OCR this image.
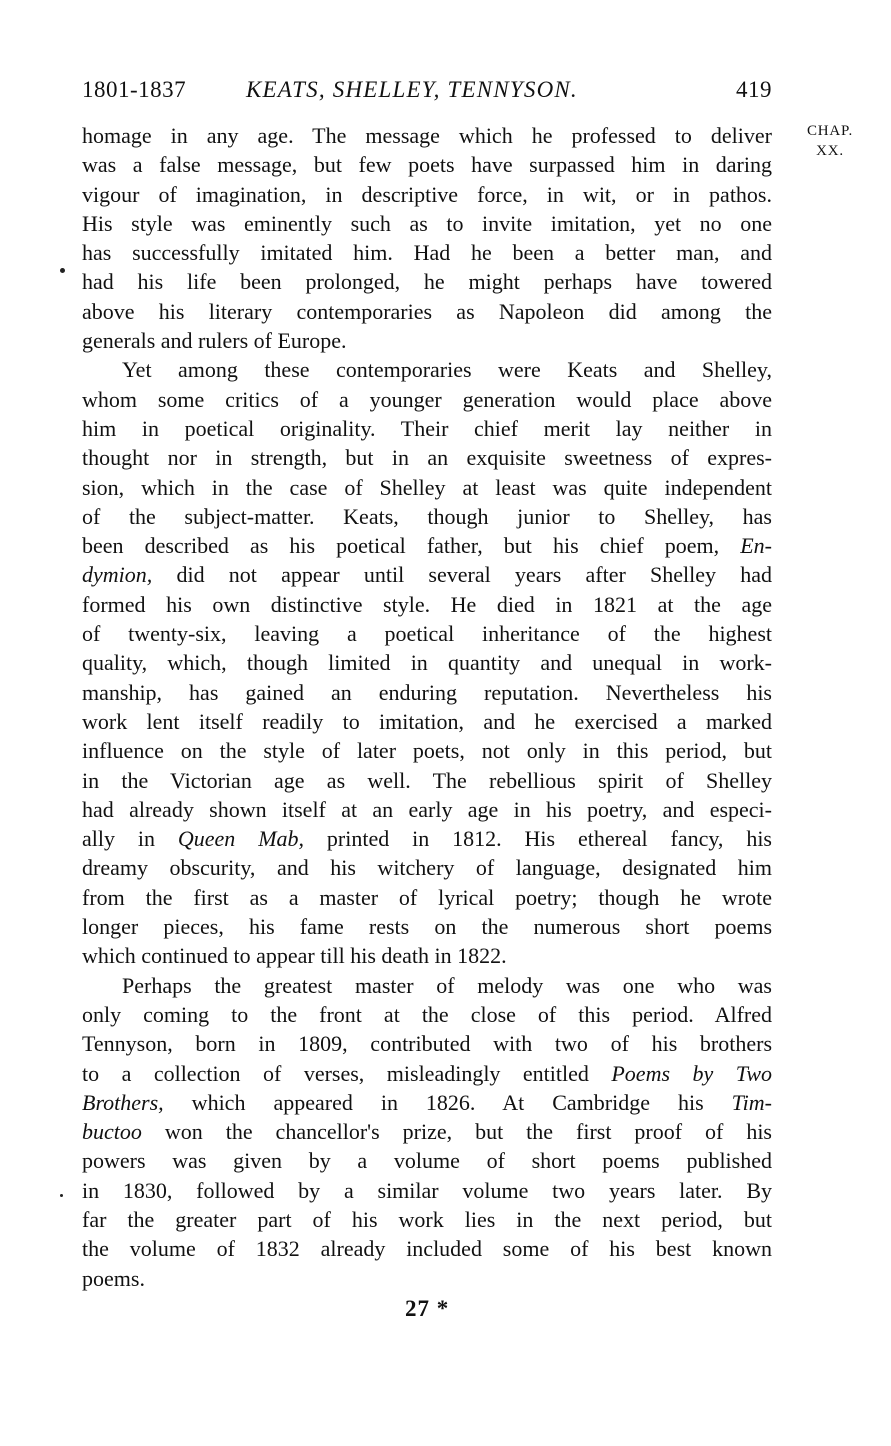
1801-1837	KEATS, SHELLEY, TENNYSON.	419
CHAP.
XX.
homage in any age. The message which he professed to deliver
was a false message, but few poets have surpassed him in daring
vigour of imagination, in descriptive force, in wit, or in pathos.
His style was eminently such as to invite imitation, yet no one
has successfully imitated him. Had he been a better man, and
had his life been prolonged, he might perhaps have towered
above his literary contemporaries as Napoleon did among the
generals and rulers of Europe.
Yet among these contemporaries were Keats and Shelley,
whom some critics of a younger generation would place above
him in poetical originality. Their chief merit lay neither in
thought nor in strength, but in an exquisite sweetness of expres-
sion, which in the case of Shelley at least was quite independent
of the subject-matter. Keats, though junior to Shelley, has
been described as his poetical father, but his chief poem, En-
dymion, did not appear until several years after Shelley had
formed his own distinctive style. He died in 1821 at the age
of twenty-six, leaving a poetical inheritance of the highest
quality, which, though limited in quantity and unequal in work-
manship, has gained an enduring reputation. Nevertheless his
work lent itself readily to imitation, and he exercised a marked
influence on the style of later poets, not only in this period, but
in the Victorian age as well. The rebellious spirit of Shelley
had already shown itself at an early age in his poetry, and especi-
ally in Queen Mab, printed in 1812. His ethereal fancy, his
dreamy obscurity, and his witchery of language, designated him
from the first as a master of lyrical poetry; though he wrote
longer pieces, his fame rests on the numerous short poems
which continued to appear till his death in 1822.
Perhaps the greatest master of melody was one who was
only coming to the front at the close of this period. Alfred
Tennyson, born in 1809, contributed with two of his brothers
to a collection of verses, misleadingly entitled Poems by Two
Brothers, which appeared in 1826. At Cambridge his Tim-
buctoo won the chancellor's prize, but the first proof of his
powers was given by a volume of short poems published
in 1830, followed by a similar volume two years later. By
far the greater part of his work lies in the next period, but
the volume of 1832 already included some of his best known
poems.
27 *
